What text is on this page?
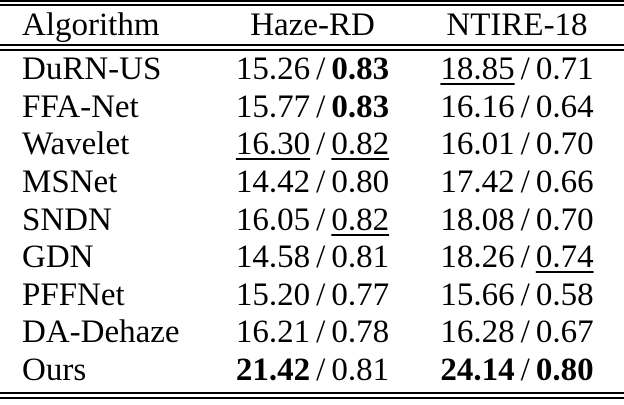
Algorithm	Haze-RD	NTIRE-18
DuRN-US	15.26 / 0.83	18.85 / 0.71
FFA-Net	15.77 / 0.83	16.16 / 0.64
Wavelet	16.30 / 0.82	16.01 / 0.70
MSNet	14.42 / 0.80	17.42 / 0.66
SNDN	16.05 / 0.82	18.08 / 0.70
GDN	14.58 / 0.81	18.26 / 0.74
PFFNet	15.20 / 0.77	15.66 / 0.58
DA-Dehaze	16.21 / 0.78	16.28 / 0.67
Ours	21.42 / 0.81	24.14 / 0.80
